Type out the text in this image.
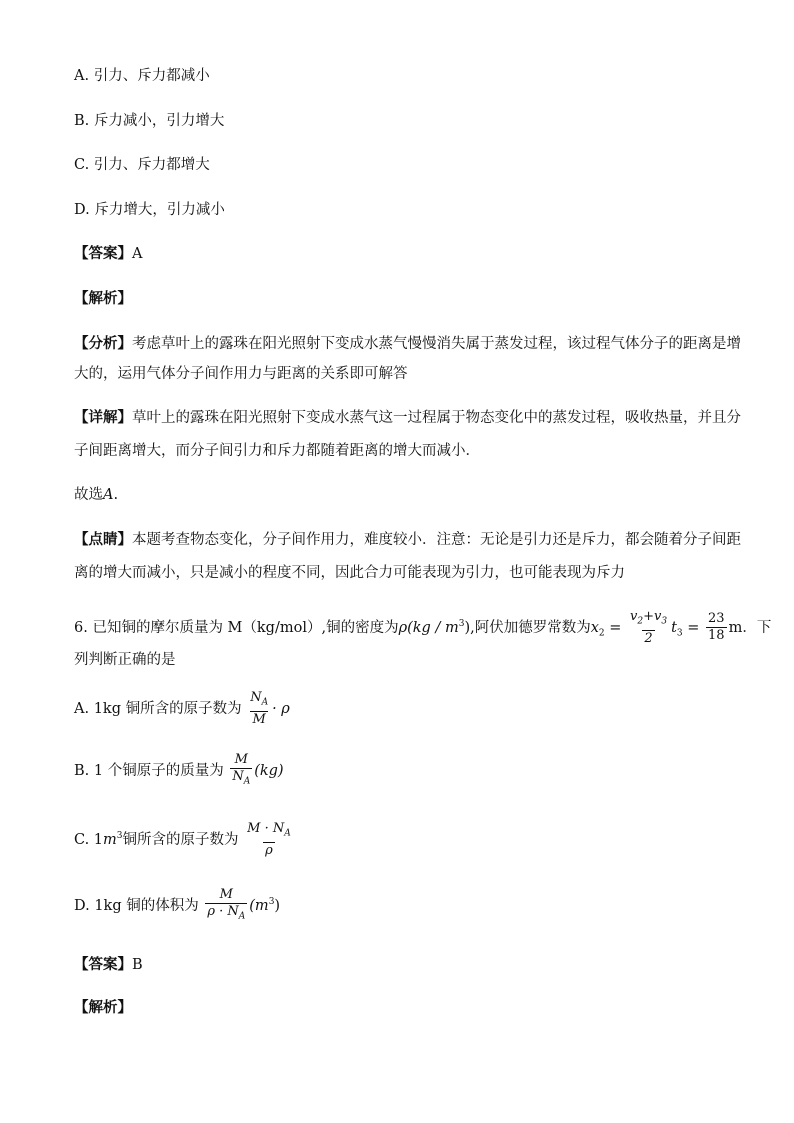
A. 引力、斥力都减小
B. 斥力减小，引力增大
C. 引力、斥力都增大
D. 斥力增大，引力减小
【答案】A
【解析】
【分析】考虑草叶上的露珠在阳光照射下变成水蒸气慢慢消失属于蒸发过程，该过程气体分子的距离是增
大的，运用气体分子间作用力与距离的关系即可解答
【详解】草叶上的露珠在阳光照射下变成水蒸气这一过程属于物态变化中的蒸发过程，吸收热量，并且分
子间距离增大，而分子间引力和斥力都随着距离的增大而减小．
故选A.
【点睛】本题考查物态变化，分子间作用力，难度较小．注意：无论是引力还是斥力，都会随着分子间距
离的增大而减小，只是减小的程度不同，因此合力可能表现为引力，也可能表现为斥力
6. 已知铜的摩尔质量为 M（kg/mol）,铜的密度为$\rho(kg / m^3)$,阿伏加德罗常数为$x_2 = \frac{v_2+v_3}{2} t_3 = \frac{23}{18}$ m．下
列判断正确的是
A. 1kg 铜所含的原子数为 $\frac{N_A}{M} \cdot \rho$
B. 1 个铜原子的质量为 $\frac{M}{N_A} (kg)$
C. $1m^3$铜所含的原子数为 $\frac{M \cdot N_A}{\rho}$
D. 1kg 铜的体积为 $\frac{M}{\rho \cdot N_A} (m^3)$
【答案】B
【解析】
